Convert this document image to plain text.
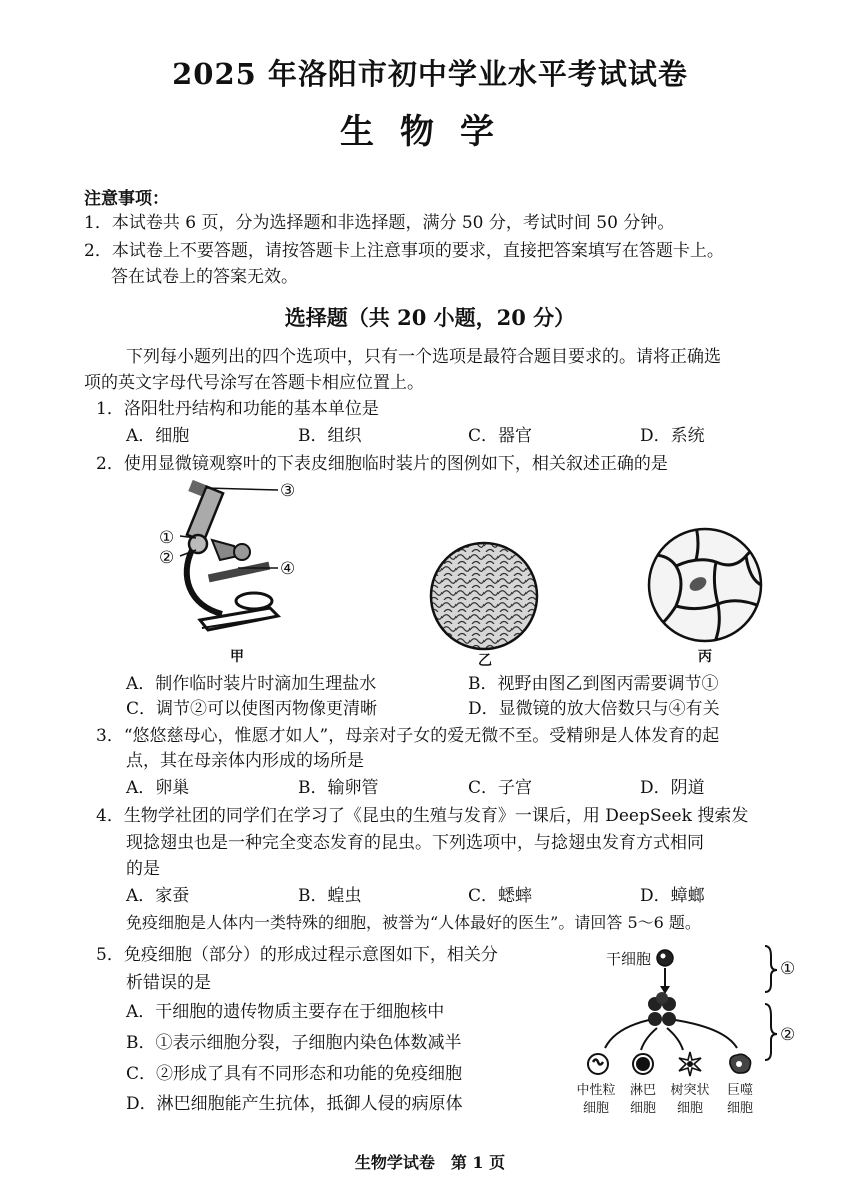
2025 年洛阳市初中学业水平考试试卷
生物学
注意事项：
1．本试卷共 6 页，分为选择题和非选择题，满分 50 分，考试时间 50 分钟。
2．本试卷上不要答题，请按答题卡上注意事项的要求，直接把答案填写在答题卡上。
答在试卷上的答案无效。
选择题（共 20 小题，20 分）
下列每小题列出的四个选项中，只有一个选项是最符合题目要求的。请将正确选
项的英文字母代号涂写在答题卡相应位置上。
1．洛阳牡丹结构和功能的基本单位是
A．细胞	B．组织	C．器官	D．系统
2．使用显微镜观察叶的下表皮细胞临时装片的图例如下，相关叙述正确的是
①
②
③
④
甲	乙	丙
A．制作临时装片时滴加生理盐水	B．视野由图乙到图丙需要调节①
C．调节②可以使图丙物像更清晰	D．显微镜的放大倍数只与④有关
3．“悠悠慈母心，惟愿才如人”，母亲对子女的爱无微不至。受精卵是人体发育的起
点，其在母亲体内形成的场所是
A．卵巢	B．输卵管	C．子宫	D．阴道
4．生物学社团的同学们在学习了《昆虫的生殖与发育》一课后，用 DeepSeek 搜索发
现捻翅虫也是一种完全变态发育的昆虫。下列选项中，与捻翅虫发育方式相同
的是
A．家蚕	B．蝗虫	C．蟋蟀	D．蟑螂
免疫细胞是人体内一类特殊的细胞，被誉为“人体最好的医生”。请回答 5～6 题。
5．免疫细胞（部分）的形成过程示意图如下，相关分
析错误的是
A．干细胞的遗传物质主要存在于细胞核中
B．①表示细胞分裂，子细胞内染色体数减半
C．②形成了具有不同形态和功能的免疫细胞
D．淋巴细胞能产生抗体，抵御人侵的病原体
干细胞	①
②
中性粒
细胞
淋巴
细胞
树突状
细胞
巨噬
细胞
生物学试卷　第 1 页
